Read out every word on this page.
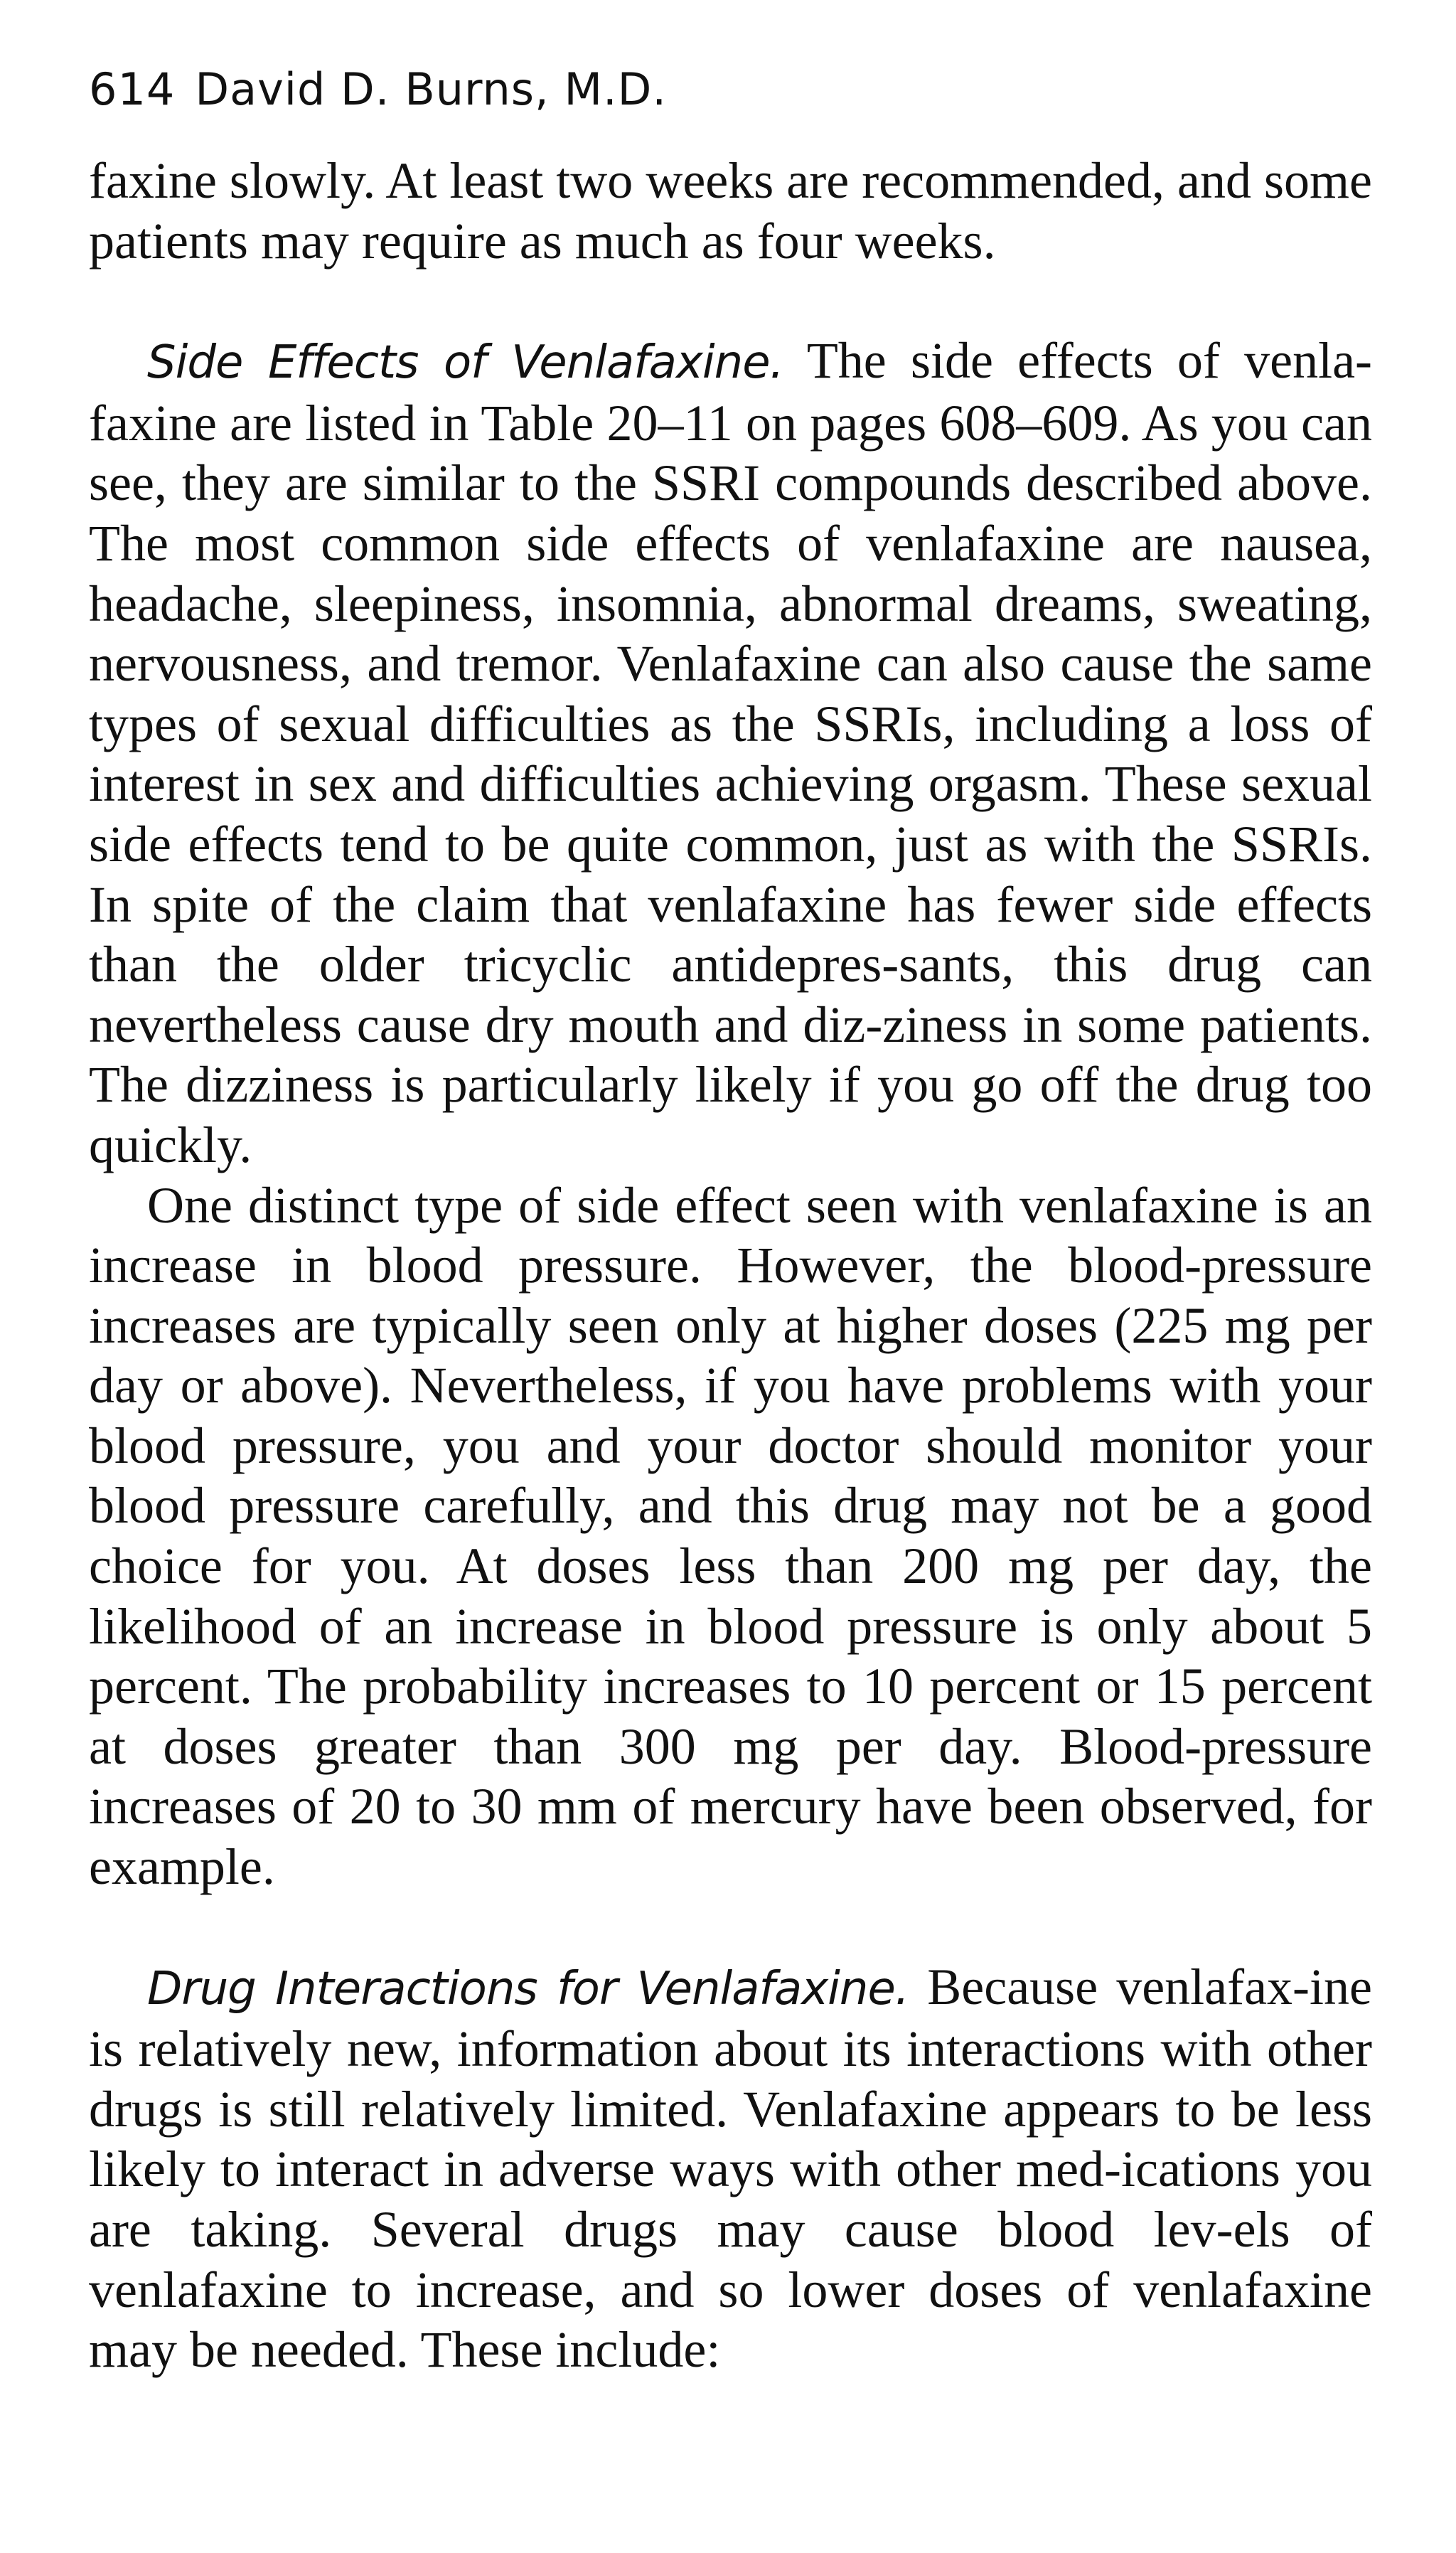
614 David D. Burns, M.D.

faxine slowly. At least two weeks are recommended, and some patients may require as much as four weeks.

Side Effects of Venlafaxine. The side effects of venla-faxine are listed in Table 20–11 on pages 608–609. As you can see, they are similar to the SSRI compounds described above. The most common side effects of venlafaxine are nausea, headache, sleepiness, insomnia, abnormal dreams, sweating, nervousness, and tremor. Venlafaxine can also cause the same types of sexual difficulties as the SSRIs, including a loss of interest in sex and difficulties achieving orgasm. These sexual side effects tend to be quite common, just as with the SSRIs. In spite of the claim that venlafaxine has fewer side effects than the older tricyclic antidepres-sants, this drug can nevertheless cause dry mouth and diz-ziness in some patients. The dizziness is particularly likely if you go off the drug too quickly.

One distinct type of side effect seen with venlafaxine is an increase in blood pressure. However, the blood-pressure increases are typically seen only at higher doses (225 mg per day or above). Nevertheless, if you have problems with your blood pressure, you and your doctor should monitor your blood pressure carefully, and this drug may not be a good choice for you. At doses less than 200 mg per day, the likelihood of an increase in blood pressure is only about 5 percent. The probability increases to 10 percent or 15 percent at doses greater than 300 mg per day. Blood-pressure increases of 20 to 30 mm of mercury have been observed, for example.

Drug Interactions for Venlafaxine. Because venlafax-ine is relatively new, information about its interactions with other drugs is still relatively limited. Venlafaxine appears to be less likely to interact in adverse ways with other med-ications you are taking. Several drugs may cause blood lev-els of venlafaxine to increase, and so lower doses of venlafaxine may be needed. These include:
